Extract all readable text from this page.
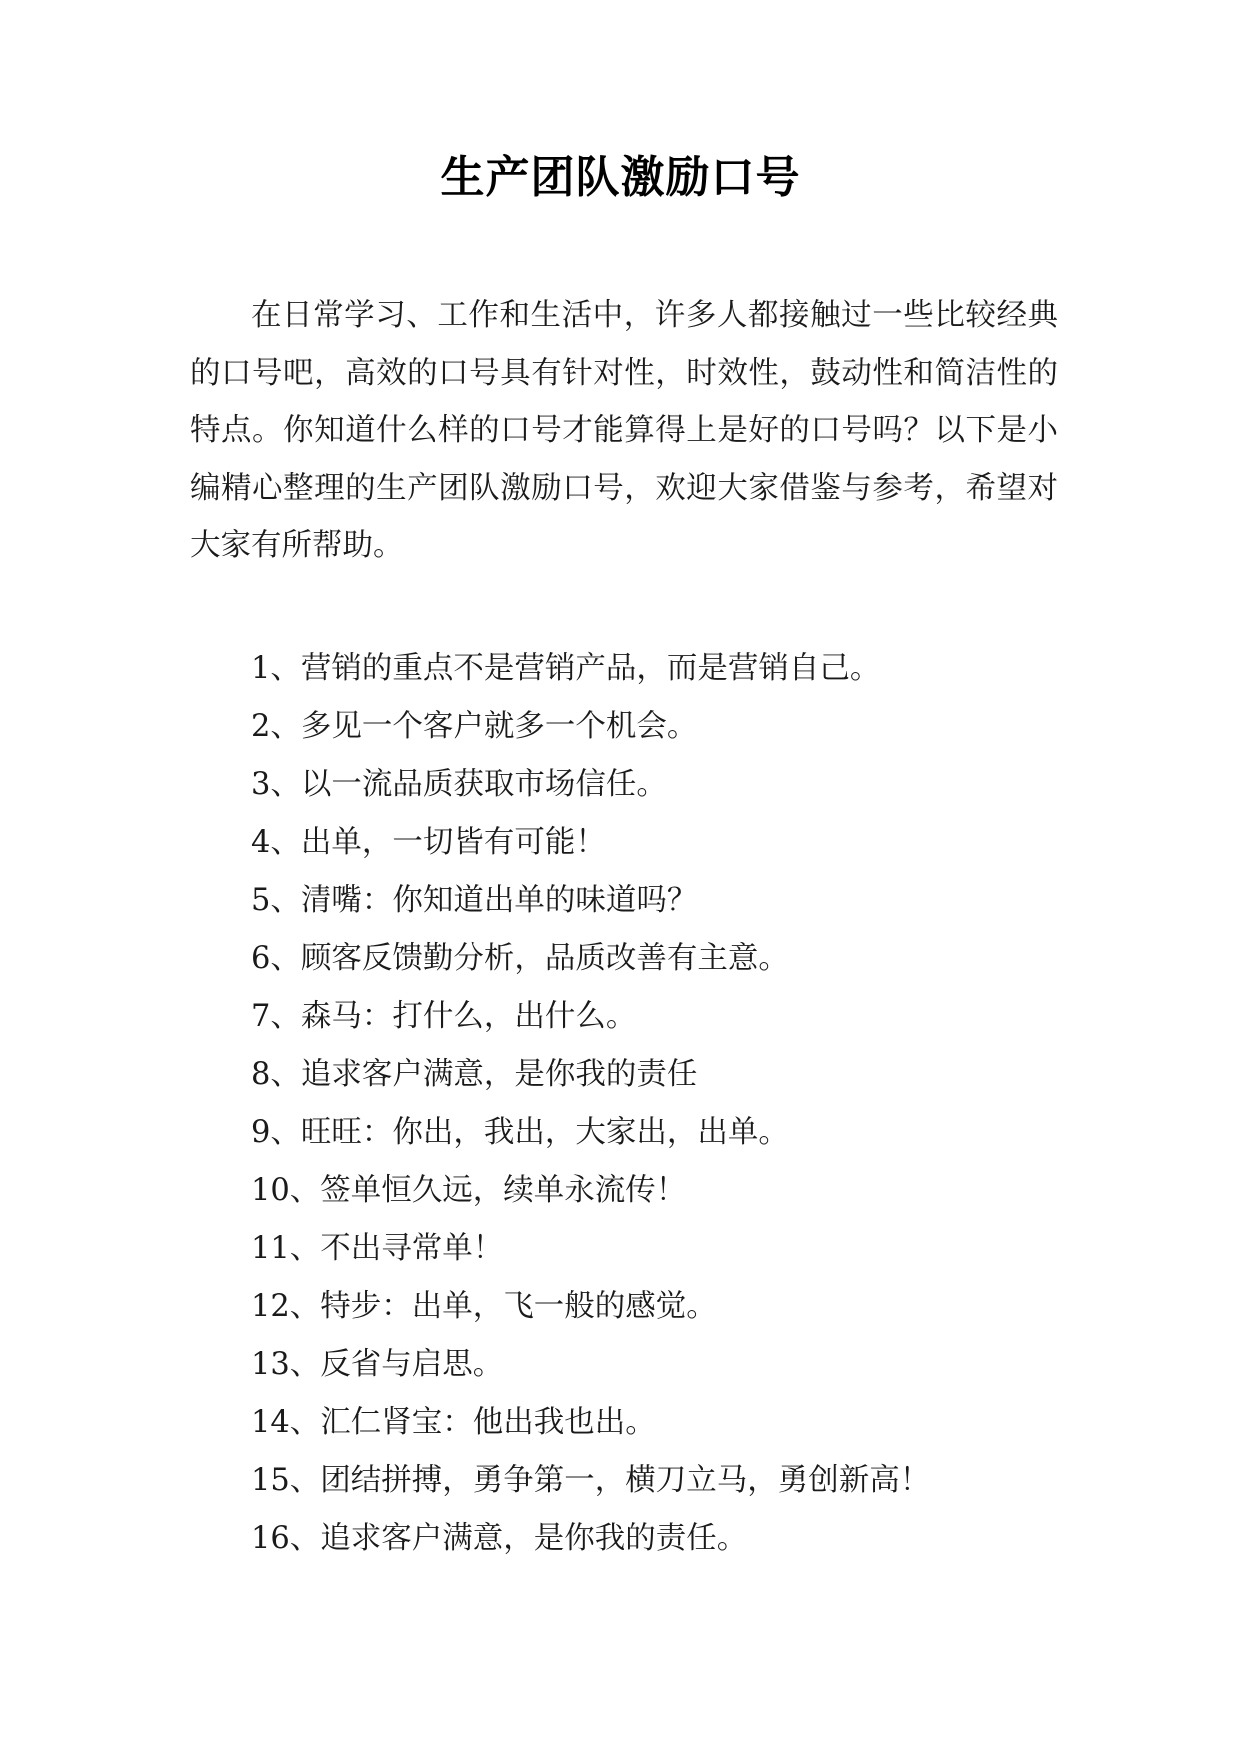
生产团队激励口号

在日常学习、工作和生活中，许多人都接触过一些比较经典的口号吧，高效的口号具有针对性，时效性，鼓动性和简洁性的特点。你知道什么样的口号才能算得上是好的口号吗？以下是小编精心整理的生产团队激励口号，欢迎大家借鉴与参考，希望对大家有所帮助。

1、营销的重点不是营销产品，而是营销自己。
2、多见一个客户就多一个机会。
3、以一流品质获取市场信任。
4、出单，一切皆有可能！
5、清嘴：你知道出单的味道吗？
6、顾客反馈勤分析，品质改善有主意。
7、森马：打什么，出什么。
8、追求客户满意，是你我的责任
9、旺旺：你出，我出，大家出，出单。
10、签单恒久远，续单永流传！
11、不出寻常单！
12、特步：出单，飞一般的感觉。
13、反省与启思。
14、汇仁肾宝：他出我也出。
15、团结拼搏，勇争第一，横刀立马，勇创新高！
16、追求客户满意，是你我的责任。
